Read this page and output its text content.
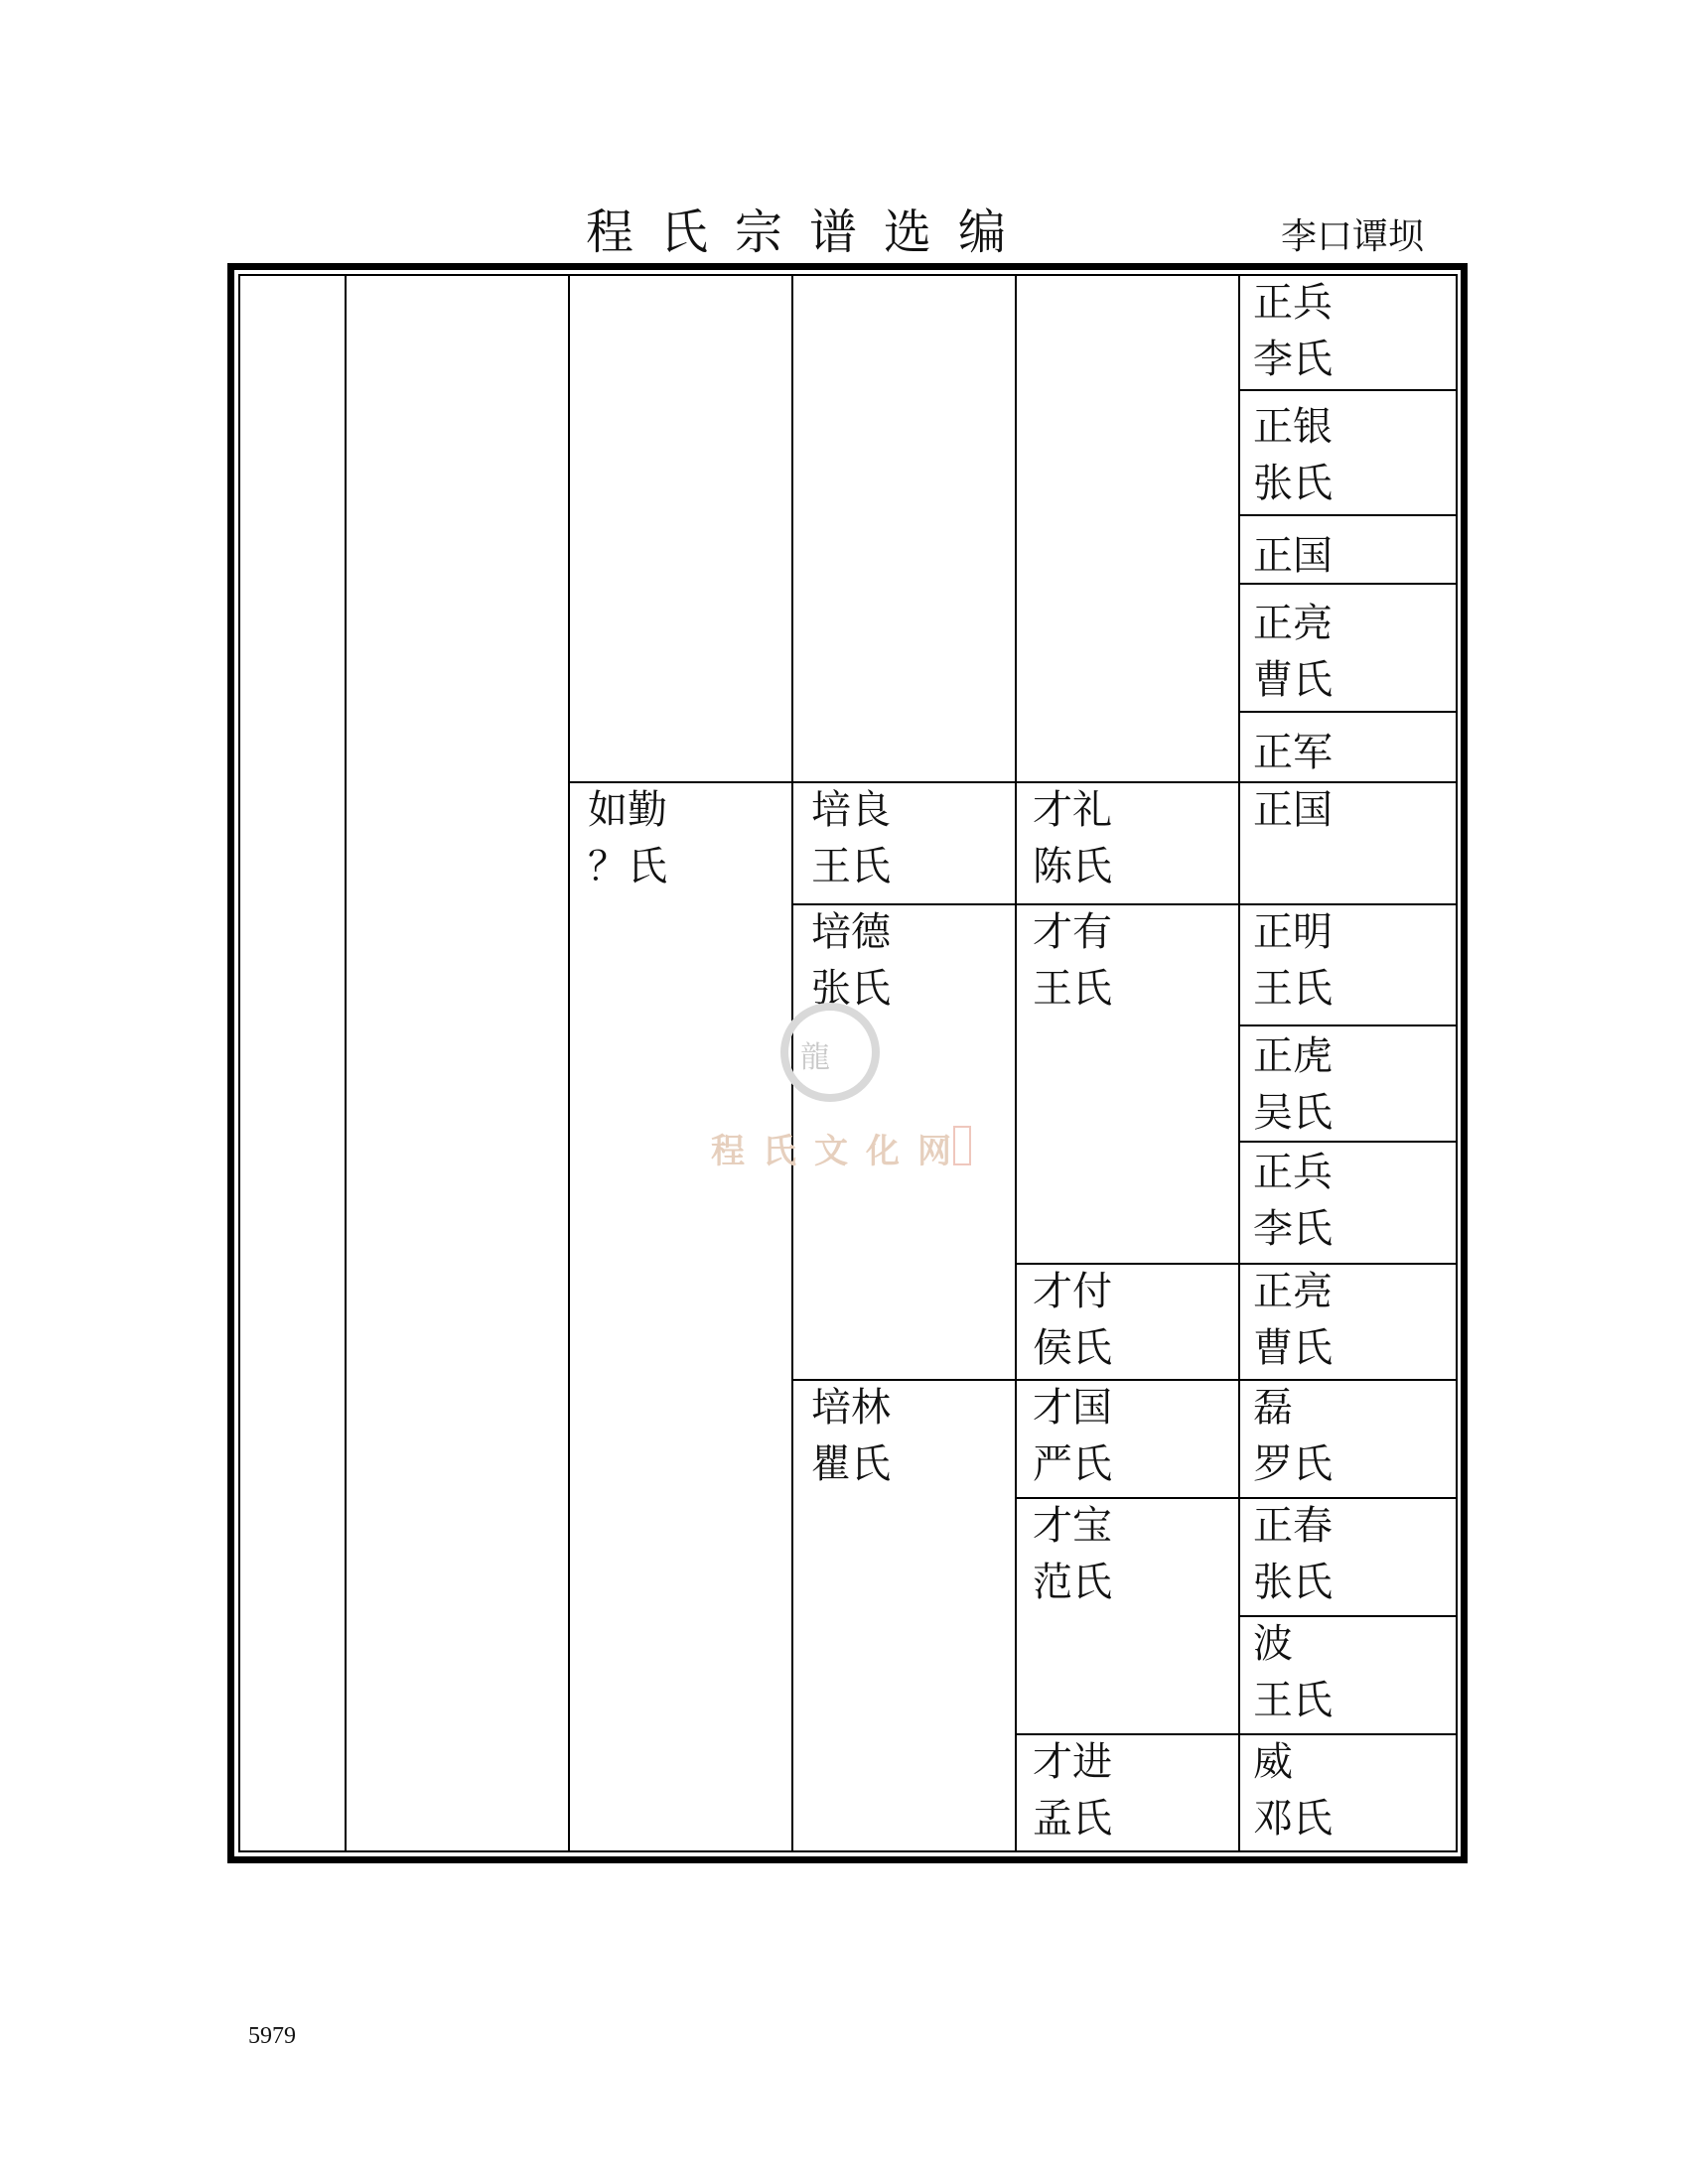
程氏宗谱选编	李口谭坝
如勤
？氏
培良
王氏
培德
张氏
培林
瞿氏
才礼
陈氏
才有
王氏
才付
侯氏
才国
严氏
才宝
范氏
才进
孟氏
正兵
李氏
正银
张氏
正国
正亮
曹氏
正军
正国
正明
王氏
正虎
吴氏
正兵
李氏
正亮
曹氏
磊
罗氏
正春
张氏
波
王氏
威
邓氏
龍
程氏文化网
5979
